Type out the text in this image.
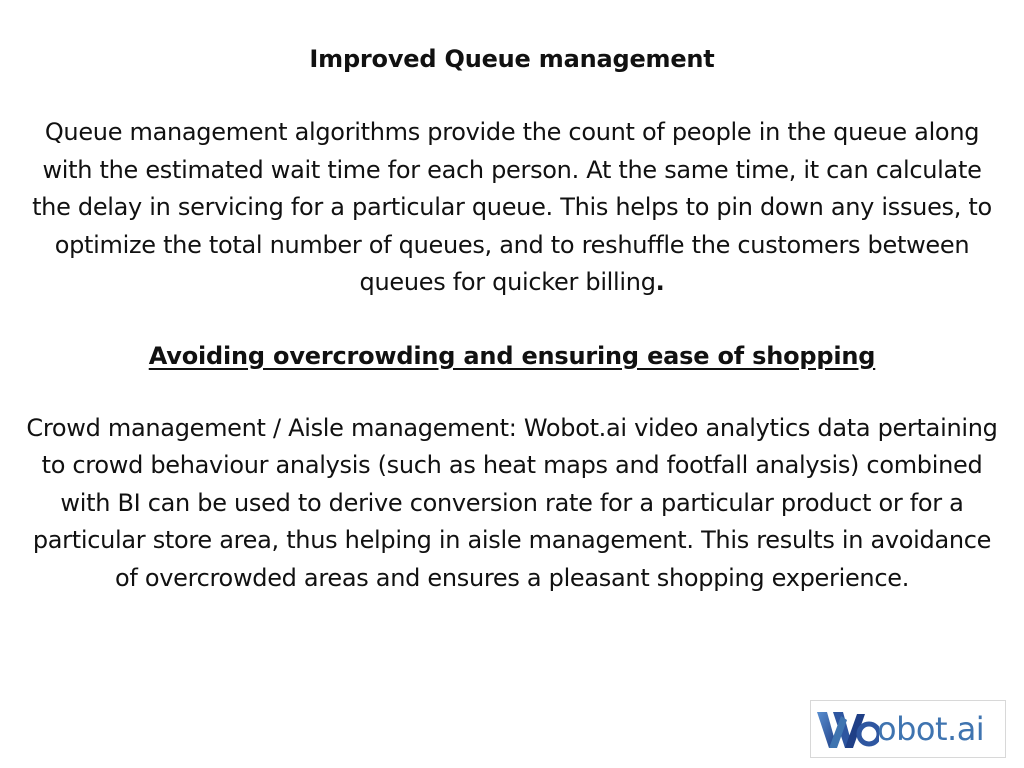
Improved Queue management

Queue management algorithms provide the count of people in the queue along with the estimated wait time for each person. At the same time, it can calculate the delay in servicing for a particular queue. This helps to pin down any issues, to optimize the total number of queues, and to reshuffle the customers between queues for quicker billing.

Avoiding overcrowding and ensuring ease of shopping

Crowd management / Aisle management: Wobot.ai video analytics data pertaining to crowd behaviour analysis (such as heat maps and footfall analysis) combined with BI can be used to derive conversion rate for a particular product or for a particular store area, thus helping in aisle management. This results in avoidance of overcrowded areas and ensures a pleasant shopping experience.

obot.ai
